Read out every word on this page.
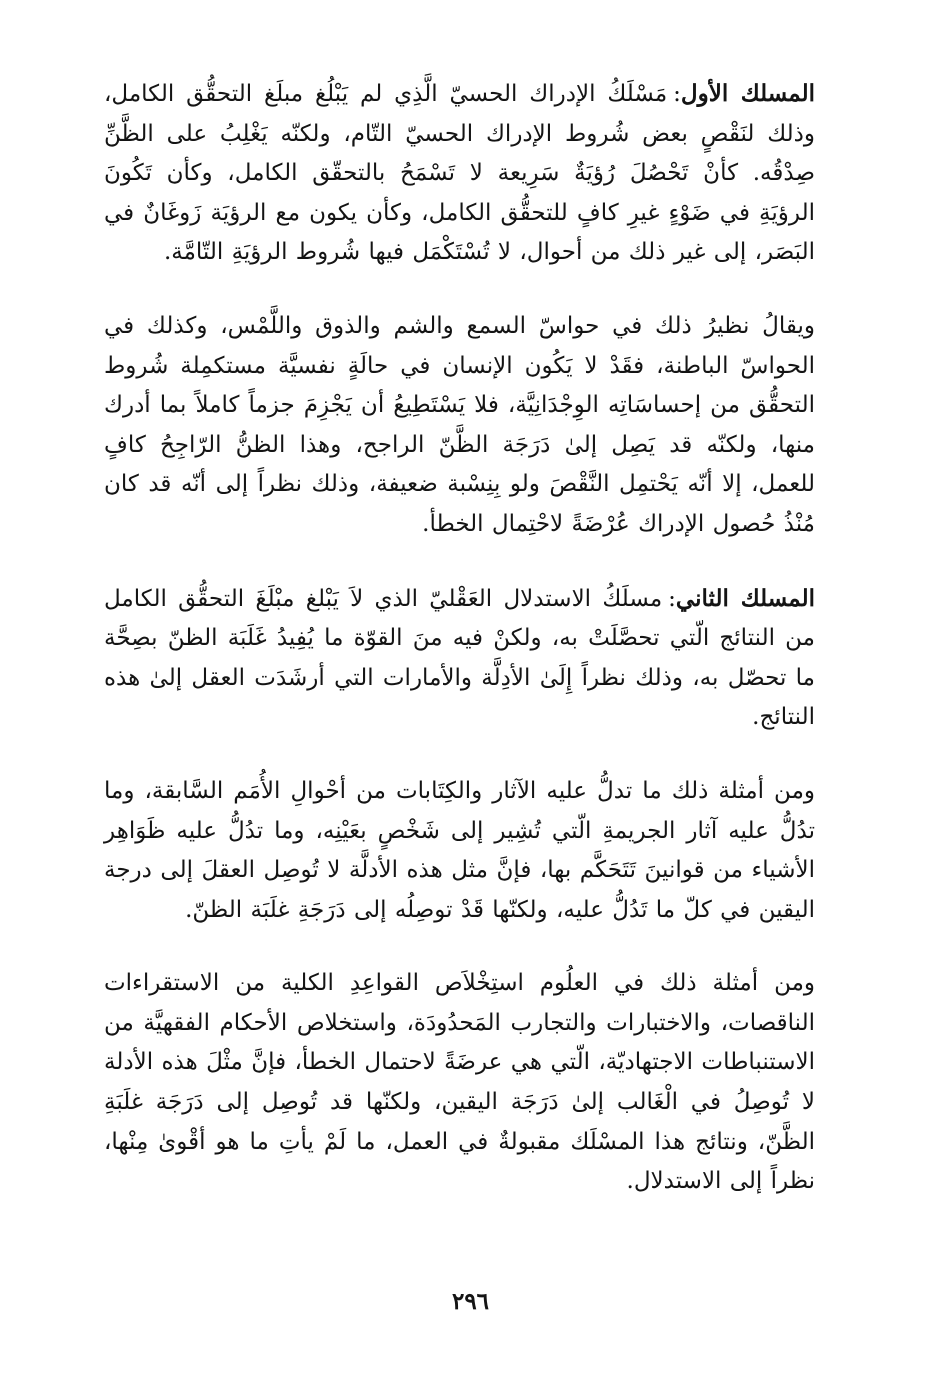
المسلك الأول:مَسْلَكُ الإدراك الحسيّ الَّذِي لم يَبْلُغ مبلَغ التحقُّق الكامل، وذلك لنَقْصٍ بعض شُروط الإدراك الحسيّ التّام، ولكنّه يَغْلِبُ على الظَّنِّ صِدْقُه. كأنْ تَحْصُلَ رُؤيَةٌ سَرِيعة لا تَسْمَحُ بالتحقّق الكامل، وكأن تَكُونَ الرؤيَةِ في ضَوْءٍ غيرِ كافٍ للتحقُّق الكامل، وكأن يكون مع الرؤيَة زَوغَانٌ في البَصَر، إلى غير ذلك من أحوال، لا تُسْتَكْمَل فيها شُروط الرؤيَةِ التّامَّة.

ويقالُ نظيرُ ذلك في حواسّ السمع والشم والذوق واللَّمْس، وكذلك في الحواسّ الباطنة، فقَدْ لا يَكُون الإنسان في حالَةٍ نفسيَّة مستكمِلة شُروط التحقُّق من إحساسَاتِه الوِجْدَانِيَّة، فلا يَسْتَطِيعُ أن يَجْزِمَ جزماً كاملاً بما أدرك منها، ولكنّه قد يَصِل إلىٰ دَرَجَة الظَّنّ الراجح، وهذا الظنُّ الرّاجِحُ كافٍ للعمل، إلا أنّه يَحْتمِل النَّقْصَ ولو بِنِسْبة ضعيفة، وذلك نظراً إلى أنّه قد كان مُنْذُ حُصول الإدراك عُرْضَةً لاحْتِمال الخطأ.

المسلك الثاني:مسلَكُ الاستدلال العَقْليّ الذي لاَ يَبْلغ مبْلَغَ التحقُّق الكامل من النتائج الّتي تحصَّلَتْ به، ولكنْ فيه منَ القوّة ما يُفِيدُ غَلَبَة الظنّ بصِحَّة ما تحصّل به، وذلك نظراً إِلَىٰ الأدِلَّة والأمارات التي أرشَدَت العقل إلىٰ هذه النتائج.

ومن أمثلة ذلك ما تدلُّ عليه الآثار والكِتَابات من أحْوالِ الأُمَم السَّابقة، وما تدُلُّ عليه آثار الجريمةِ الّتي تُشِير إلى شَخْصٍ بعَيْنِه، وما تدُلُّ عليه ظَوَاهِر الأشياء من قوانينَ تَتَحَكَّم بها، فإنَّ مثل هذه الأدلَّة لا تُوصِل العقلَ إلى درجة اليقين في كلّ ما تَدُلُّ عليه، ولكنّها قَدْ توصِلُه إلى دَرَجَةِ غلَبَة الظنّ.

ومن أمثلة ذلك في العلُوم استِخْلاَص القواعِدِ الكلية من الاستقراءات الناقصات، والاختبارات والتجارب المَحدُودَة، واستخلاص الأحكام الفقهيَّة من الاستنباطات الاجتهاديّة، الّتي هي عرضَةً لاحتمال الخطأ، فإنَّ مثْلَ هذه الأدلة لا تُوصِلُ في الْغَالب إلىٰ دَرَجَة اليقين، ولكنّها قد تُوصِل إلى دَرَجَة غلَبَةِ الظَّنّ، ونتائج هذا المسْلَك مقبولةٌ في العمل، ما لَمْ يأتِ ما هو أقْوىٰ مِنْها، نظراً إلى الاستدلال.

٢٩٦
